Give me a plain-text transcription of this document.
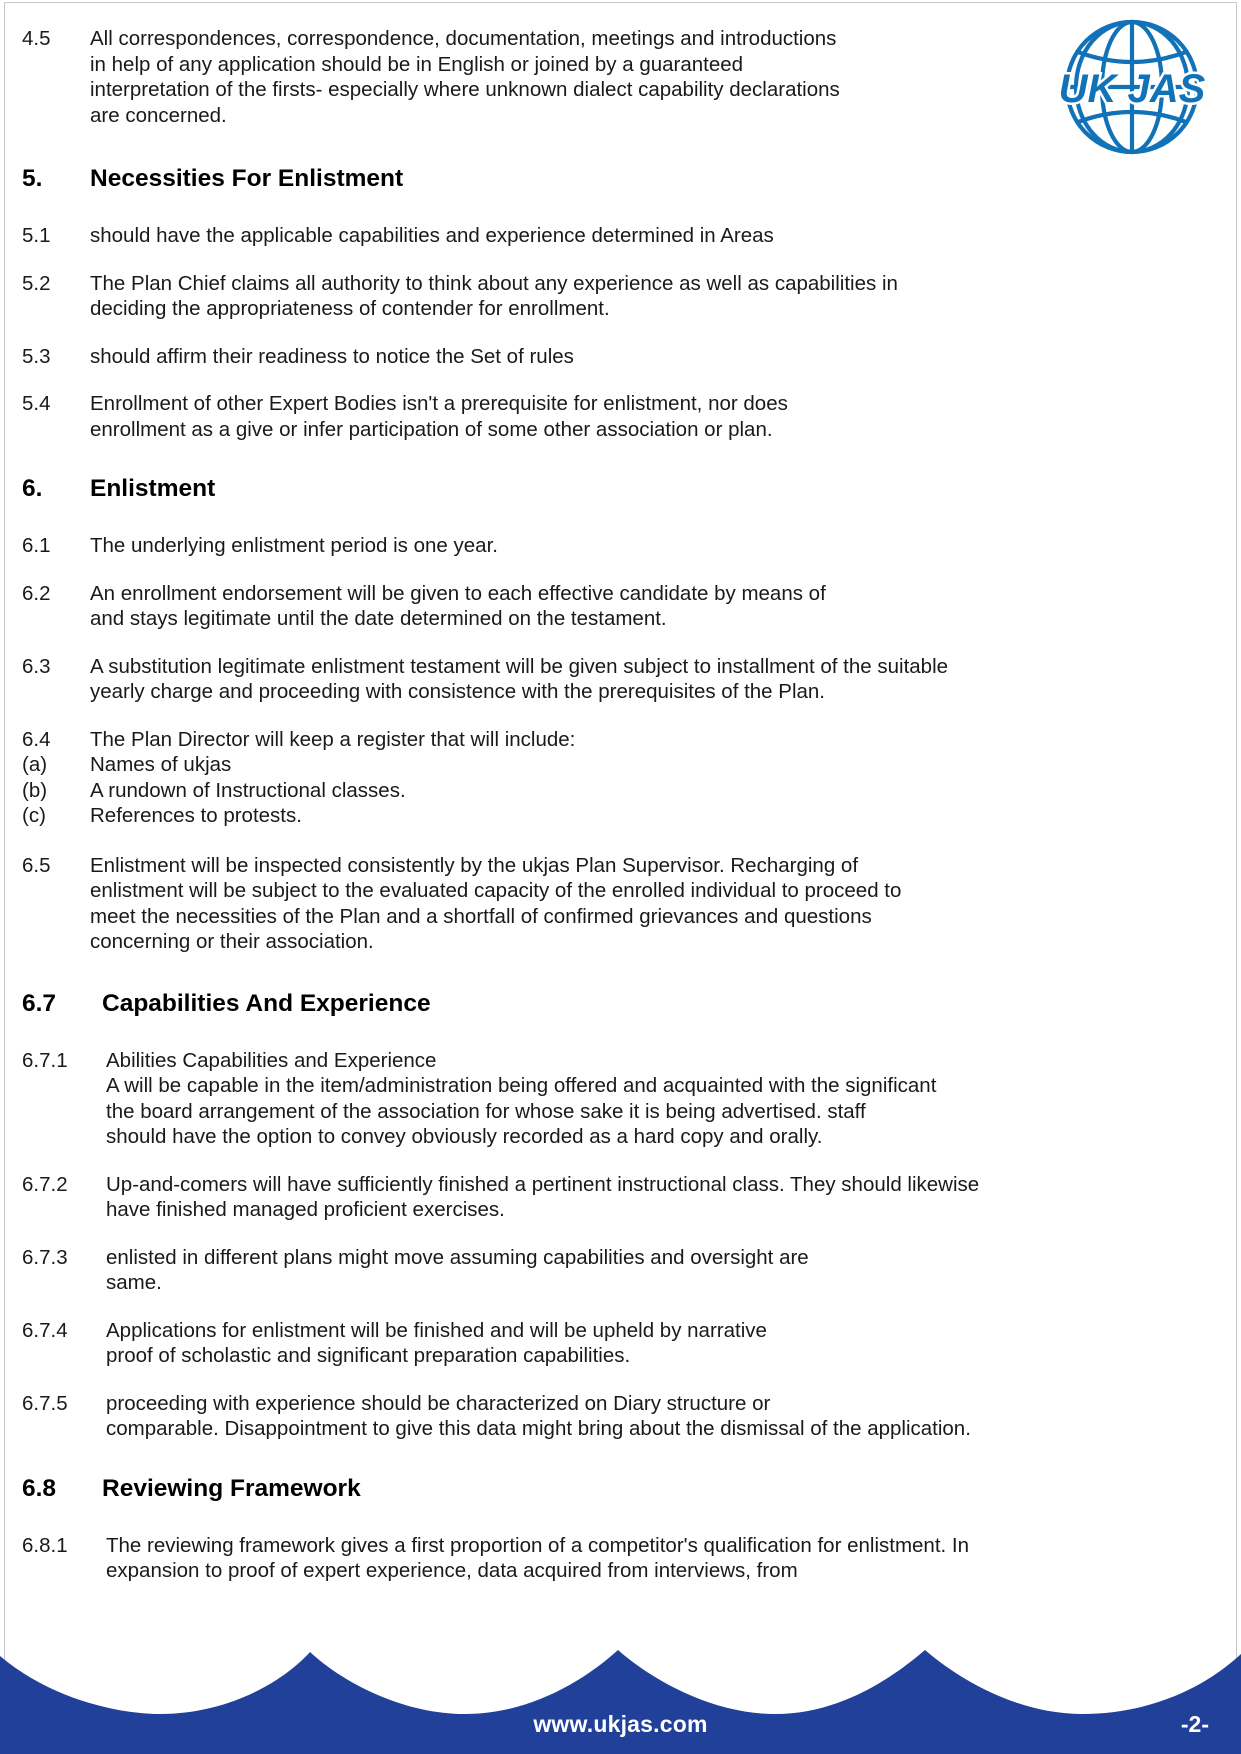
UK JAS
4.5	All correspondences, correspondence, documentation, meetings and introductions

in help of any application should be in English or joined by a guaranteed

interpretation of the firsts- especially where unknown dialect capability declarations

are concerned.

5.	Necessities For Enlistment
5.1	should have the applicable capabilities and experience determined in Areas

5.2	The Plan Chief claims all authority to think about any experience as well as capabilities in

deciding the appropriateness of contender for enrollment.

5.3	should affirm their readiness to notice the Set of rules

5.4	Enrollment of other Expert Bodies isn't a prerequisite for enlistment, nor does

enrollment as a give or infer participation of some other association or plan.

6.	Enlistment
6.1	The underlying enlistment period is one year.

6.2	An enrollment endorsement will be given to each effective candidate by means of

and stays legitimate until the date determined on the testament.

6.3	A substitution legitimate enlistment testament will be given subject to installment of the suitable

yearly charge and proceeding with consistence with the prerequisites of the Plan.

6.4	The Plan Director will keep a register that will include:

(a)	Names of ukjas
(b)	A rundown of Instructional classes.
(c)	References to protests.
6.5	Enlistment will be inspected consistently by the ukjas Plan Supervisor. Recharging of

enlistment will be subject to the evaluated capacity of the enrolled individual to proceed to

meet the necessities of the Plan and a shortfall of confirmed grievances and questions

concerning or their association.

6.7	Capabilities And Experience
6.7.1	Abilities Capabilities and Experience

A will be capable in the item/administration being offered and acquainted with the significant

the board arrangement of the association for whose sake it is being advertised. staff

should have the option to convey obviously recorded as a hard copy and orally.

6.7.2	Up-and-comers will have sufficiently finished a pertinent instructional class. They should likewise

have finished managed proficient exercises.

6.7.3	enlisted in different plans might move assuming capabilities and oversight are

same.

6.7.4	Applications for enlistment will be finished and will be upheld by narrative

proof of scholastic and significant preparation capabilities.

6.7.5	proceeding with experience should be characterized on Diary structure or

comparable. Disappointment to give this data might bring about the dismissal of the application.

6.8	Reviewing Framework
6.8.1	The reviewing framework gives a first proportion of a competitor's qualification for enlistment. In

expansion to proof of expert experience, data acquired from interviews, from

www.ukjas.com	-2-
